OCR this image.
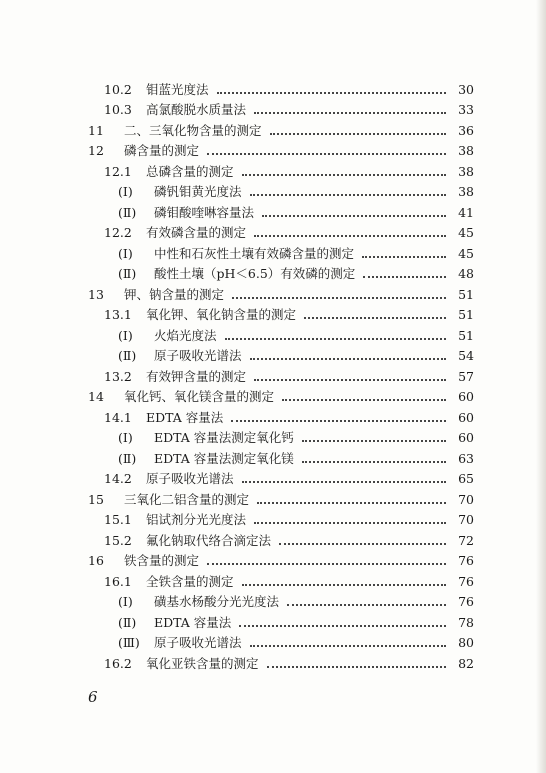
10.2	钼蓝光度法	30
10.3	高氯酸脱水质量法	33
11	二、三氧化物含量的测定	36
12	磷含量的测定	38
12.1	总磷含量的测定	38
(Ⅰ)	磷钒钼黄光度法	38
(Ⅱ)	磷钼酸喹啉容量法	41
12.2	有效磷含量的测定	45
(Ⅰ)	中性和石灰性土壤有效磷含量的测定	45
(Ⅱ)	酸性土壤（pH＜6.5）有效磷的测定	48
13	钾、钠含量的测定	51
13.1	氧化钾、氧化钠含量的测定	51
(Ⅰ)	火焰光度法	51
(Ⅱ)	原子吸收光谱法	54
13.2	有效钾含量的测定	57
14	氧化钙、氧化镁含量的测定	60
14.1	EDTA 容量法	60
(Ⅰ)	EDTA 容量法测定氧化钙	60
(Ⅱ)	EDTA 容量法测定氧化镁	63
14.2	原子吸收光谱法	65
15	三氧化二铝含量的测定	70
15.1	铝试剂分光光度法	70
15.2	氟化钠取代络合滴定法	72
16	铁含量的测定	76
16.1	全铁含量的测定	76
(Ⅰ)	磺基水杨酸分光光度法	76
(Ⅱ)	EDTA 容量法	78
(Ⅲ)	原子吸收光谱法	80
16.2	氧化亚铁含量的测定	82
6
